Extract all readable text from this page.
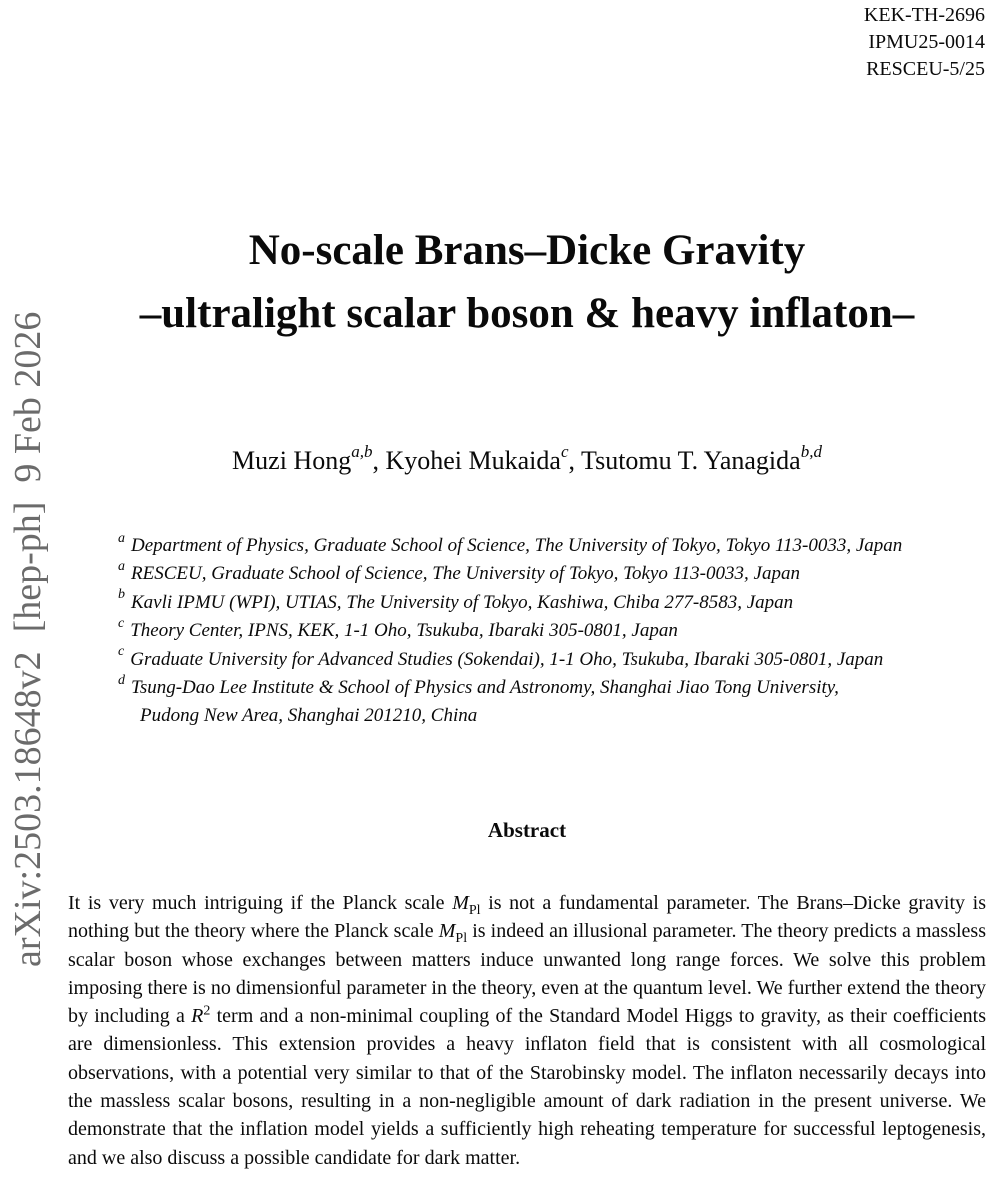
KEK-TH-2696
IPMU25-0014
RESCEU-5/25
arXiv:2503.18648v2  [hep-ph]  9 Feb 2026
No-scale Brans–Dicke Gravity
–ultralight scalar boson & heavy inflaton–
Muzi Hong$^{a,b}$, Kyohei Mukaida$^c$, Tsutomu T. Yanagida$^{b,d}$
$^a$ Department of Physics, Graduate School of Science, The University of Tokyo, Tokyo 113-0033, Japan
$^a$ RESCEU, Graduate School of Science, The University of Tokyo, Tokyo 113-0033, Japan
$^b$ Kavli IPMU (WPI), UTIAS, The University of Tokyo, Kashiwa, Chiba 277-8583, Japan
$^c$ Theory Center, IPNS, KEK, 1-1 Oho, Tsukuba, Ibaraki 305-0801, Japan
$^c$ Graduate University for Advanced Studies (Sokendai), 1-1 Oho, Tsukuba, Ibaraki 305-0801, Japan
$^d$ Tsung-Dao Lee Institute & School of Physics and Astronomy, Shanghai Jiao Tong University,
Pudong New Area, Shanghai 201210, China
Abstract
It is very much intriguing if the Planck scale $M_{Pl}$ is not a fundamental parameter. The Brans–Dicke gravity is nothing but the theory where the Planck scale $M_{Pl}$ is indeed an illusional parameter. The theory predicts a massless scalar boson whose exchanges between matters induce unwanted long range forces. We solve this problem imposing there is no dimensionful parameter in the theory, even at the quantum level. We further extend the theory by including a $R^2$ term and a non-minimal coupling of the Standard Model Higgs to gravity, as their coefficients are dimensionless. This extension provides a heavy inflaton field that is consistent with all cosmological observations, with a potential very similar to that of the Starobinsky model. The inflaton necessarily decays into the massless scalar bosons, resulting in a non-negligible amount of dark radiation in the present universe. We demonstrate that the inflation model yields a sufficiently high reheating temperature for successful leptogenesis, and we also discuss a possible candidate for dark matter.
